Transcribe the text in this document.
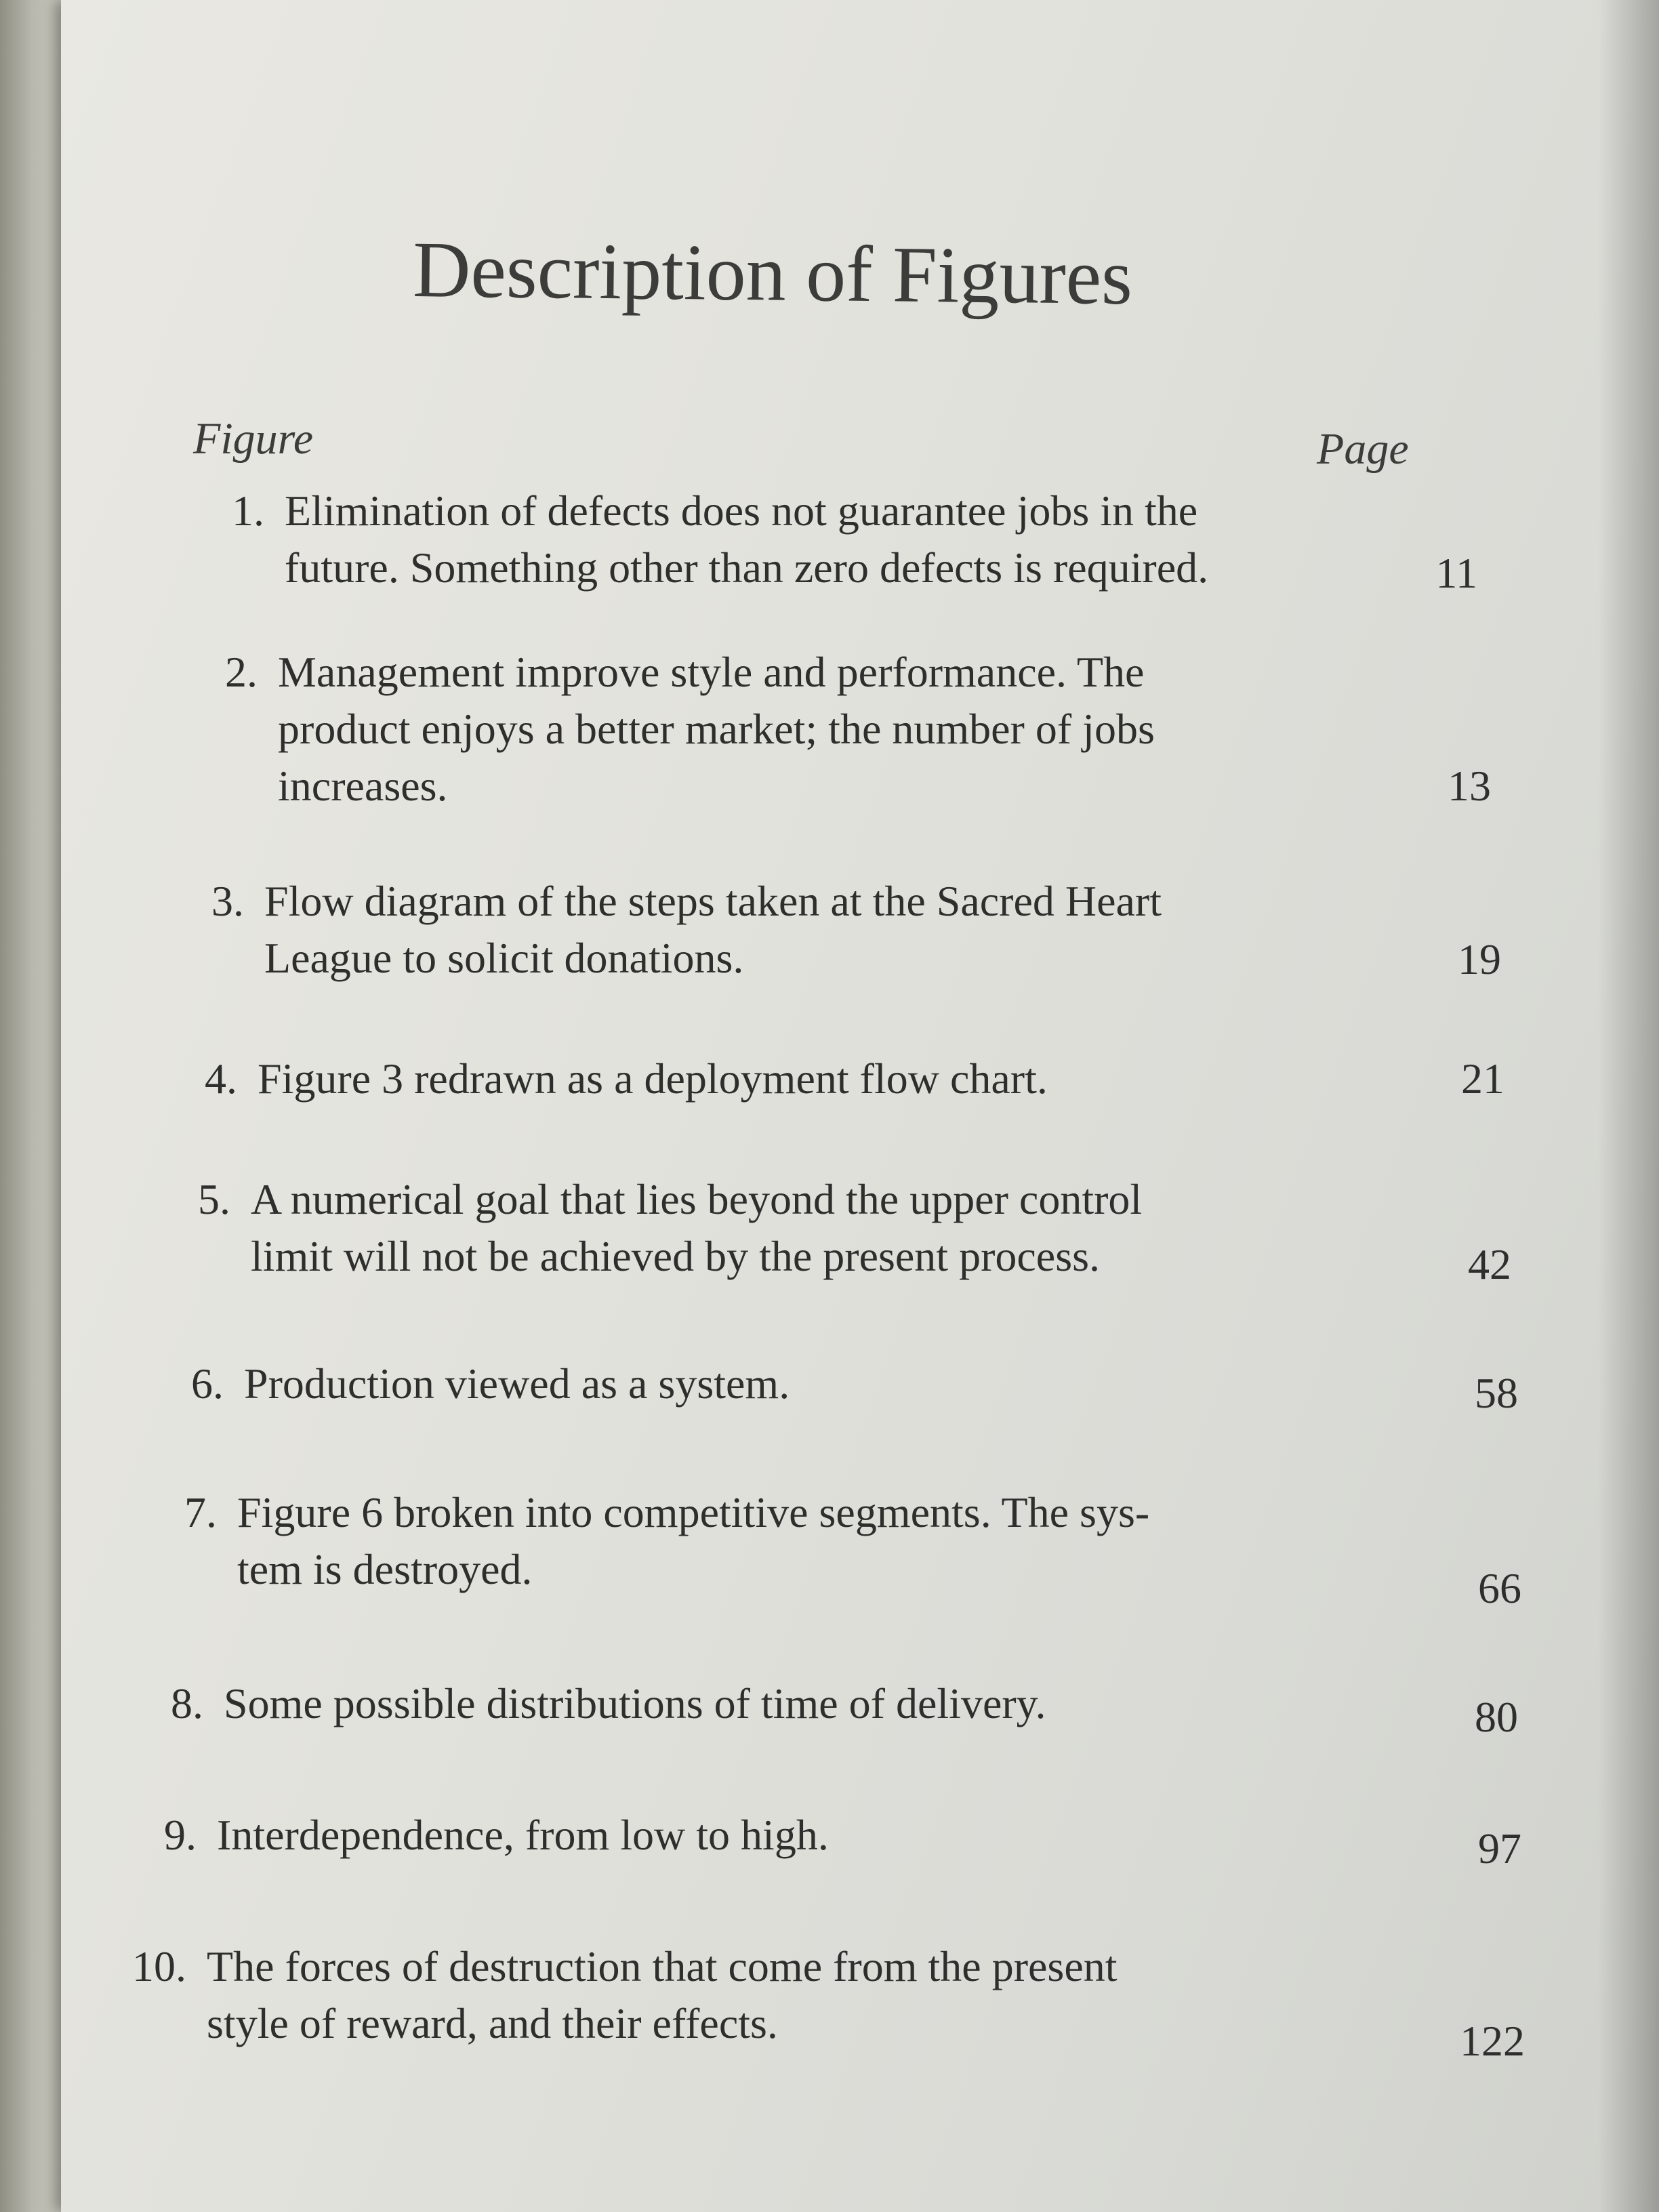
Description of Figures
Figure	Page
1. Elimination of defects does not guarantee jobs in the
future. Something other than zero defects is required.	11
2. Management improve style and performance. The
product enjoys a better market; the number of jobs
increases.	13
3. Flow diagram of the steps taken at the Sacred Heart
League to solicit donations.	19
4. Figure 3 redrawn as a deployment flow chart.	21
5. A numerical goal that lies beyond the upper control
limit will not be achieved by the present process.	42
6. Production viewed as a system.	58
7. Figure 6 broken into competitive segments. The sys-
tem is destroyed.	66
8. Some possible distributions of time of delivery.	80
9. Interdependence, from low to high.	97
10. The forces of destruction that come from the present
style of reward, and their effects.	122
